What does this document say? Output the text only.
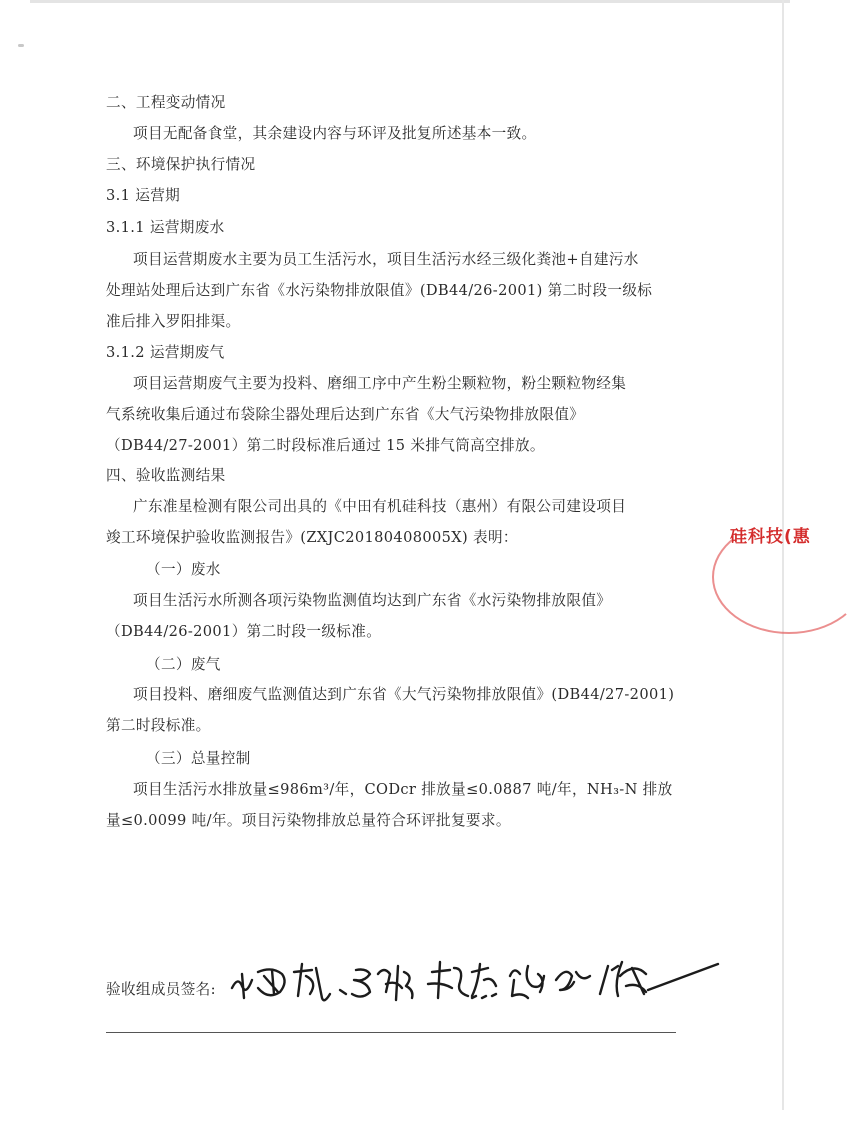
二、工程变动情况
项目无配备食堂，其余建设内容与环评及批复所述基本一致。
三、环境保护执行情况
3.1 运营期
3.1.1 运营期废水
项目运营期废水主要为员工生活污水，项目生活污水经三级化粪池+自建污水
处理站处理后达到广东省《水污染物排放限值》(DB44/26-2001) 第二时段一级标
准后排入罗阳排渠。
3.1.2 运营期废气
项目运营期废气主要为投料、磨细工序中产生粉尘颗粒物，粉尘颗粒物经集
气系统收集后通过布袋除尘器处理后达到广东省《大气污染物排放限值》
（DB44/27-2001）第二时段标准后通过 15 米排气筒高空排放。
四、验收监测结果
广东准星检测有限公司出具的《中田有机硅科技（惠州）有限公司建设项目
竣工环境保护验收监测报告》(ZXJC20180408005X) 表明：
（一）废水
项目生活污水所测各项污染物监测值均达到广东省《水污染物排放限值》
（DB44/26-2001）第二时段一级标准。
（二）废气
项目投料、磨细废气监测值达到广东省《大气污染物排放限值》(DB44/27-2001)
第二时段标准。
（三）总量控制
项目生活污水排放量≤986m³/年，CODcr 排放量≤0.0887 吨/年，NH₃-N 排放
量≤0.0099 吨/年。项目污染物排放总量符合环评批复要求。
硅科技(惠
验收组成员签名:
